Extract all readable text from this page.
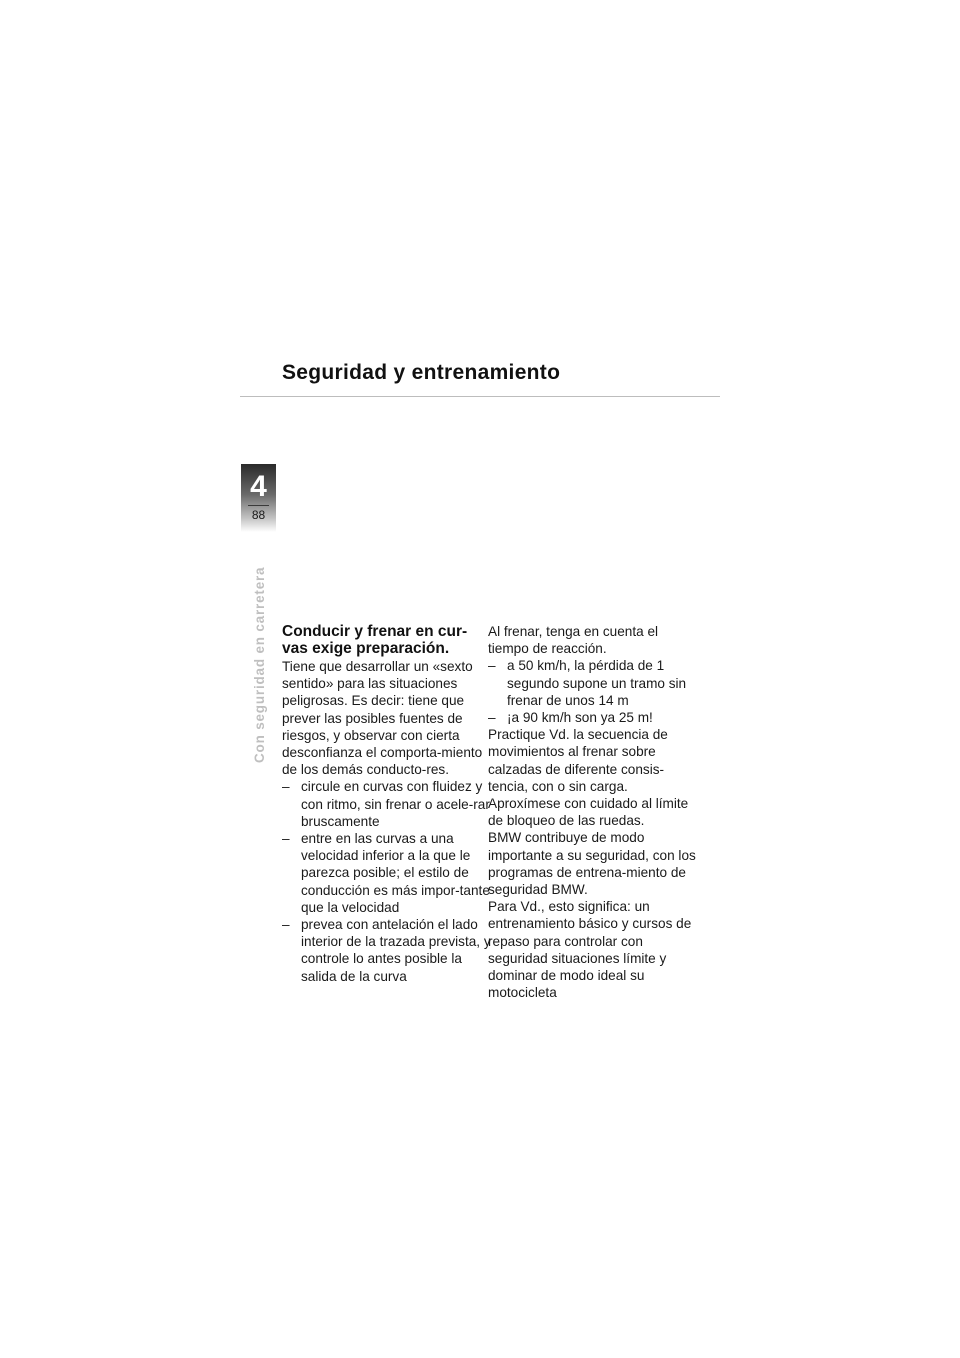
Seguridad y entrenamiento
4
88
Con seguridad en carretera Conducir y frenar en cur-
vas exige preparación.

Tiene que desarrollar un «sexto sentido» para las situaciones peligrosas. Es decir: tiene que prever las posibles fuentes de riesgos, y observar con cierta desconfianza el comporta-miento de los demás conducto-res.

– circule en curvas con fluidez y con ritmo, sin frenar o acele-rar bruscamente
– entre en las curvas a una velocidad inferior a la que le parezca posible; el estilo de conducción es más impor-tante que la velocidad
– prevea con antelación el lado interior de la trazada prevista, y controle lo antes posible la salida de la curva

Al frenar, tenga en cuenta el tiempo de reacción.

– a 50 km/h, la pérdida de 1 segundo supone un tramo sin frenar de unos 14 m
– ¡a 90 km/h son ya 25 m!

Practique Vd. la secuencia de movimientos al frenar sobre calzadas de diferente consis-tencia, con o sin carga.

Aproxímese con cuidado al límite de bloqueo de las ruedas.

BMW contribuye de modo importante a su seguridad, con los programas de entrena-miento de seguridad BMW.

Para Vd., esto significa: un entrenamiento básico y cursos de repaso para controlar con seguridad situaciones límite y dominar de modo ideal su motocicleta
